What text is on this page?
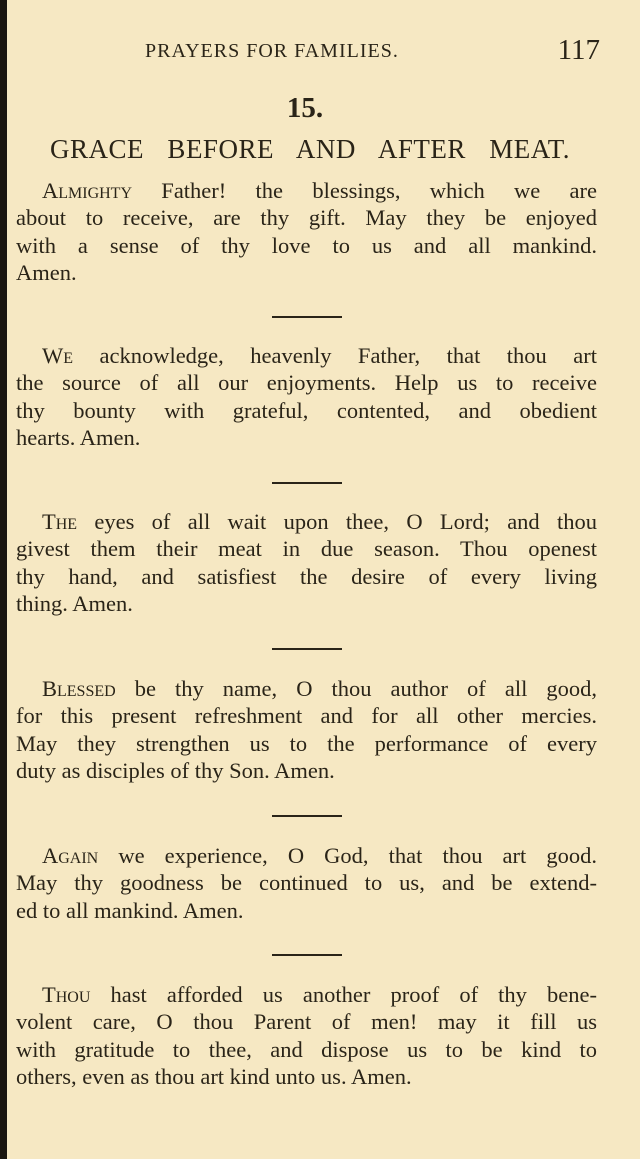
PRAYERS FOR FAMILIES.	117
15.
GRACE BEFORE AND AFTER MEAT.
Almighty Father! the blessings, which we are
about to receive, are thy gift. May they be enjoyed
with a sense of thy love to us and all mankind.
Amen.
We acknowledge, heavenly Father, that thou art
the source of all our enjoyments. Help us to receive
thy bounty with grateful, contented, and obedient
hearts. Amen.
The eyes of all wait upon thee, O Lord; and thou
givest them their meat in due season. Thou openest
thy hand, and satisfiest the desire of every living
thing. Amen.
Blessed be thy name, O thou author of all good,
for this present refreshment and for all other mercies.
May they strengthen us to the performance of every
duty as disciples of thy Son. Amen.
Again we experience, O God, that thou art good.
May thy goodness be continued to us, and be extend-
ed to all mankind. Amen.
Thou hast afforded us another proof of thy bene-
volent care, O thou Parent of men! may it fill us
with gratitude to thee, and dispose us to be kind to
others, even as thou art kind unto us. Amen.
